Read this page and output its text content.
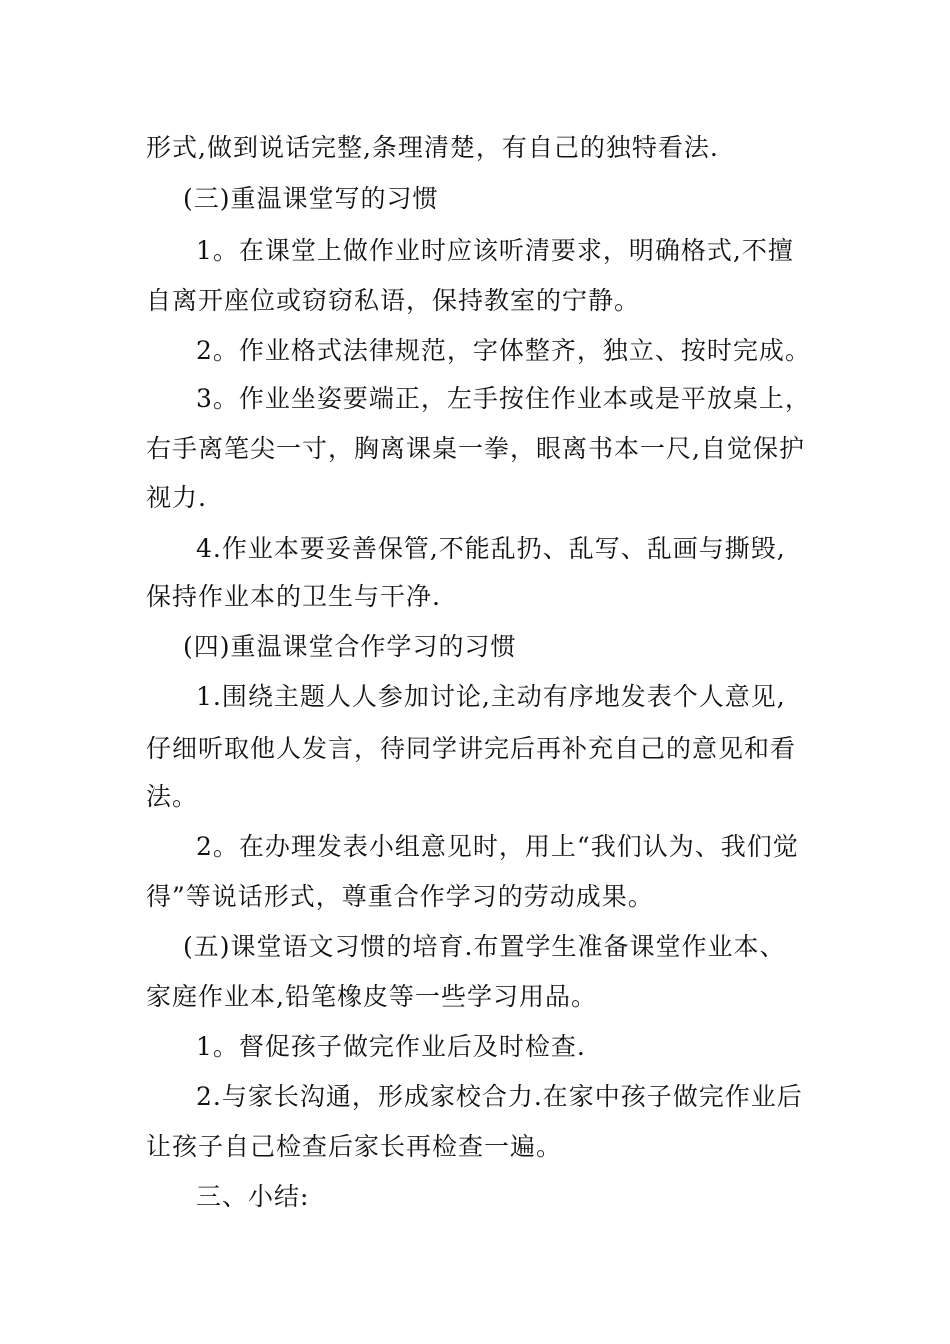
形式,做到说话完整,条理清楚，有自己的独特看法.
(三)重温课堂写的习惯
1。在课堂上做作业时应该听清要求，明确格式,不擅
自离开座位或窃窃私语，保持教室的宁静。
2。作业格式法律规范，字体整齐，独立、按时完成。
3。作业坐姿要端正，左手按住作业本或是平放桌上，
右手离笔尖一寸，胸离课桌一拳，眼离书本一尺,自觉保护
视力.
4.作业本要妥善保管,不能乱扔、乱写、乱画与撕毁,
保持作业本的卫生与干净.
(四)重温课堂合作学习的习惯
1.围绕主题人人参加讨论,主动有序地发表个人意见,
仔细听取他人发言，待同学讲完后再补充自己的意见和看
法。
2。在办理发表小组意见时，用上“我们认为、我们觉
得”等说话形式，尊重合作学习的劳动成果。
(五)课堂语文习惯的培育.布置学生准备课堂作业本、
家庭作业本,铅笔橡皮等一些学习用品。
1。督促孩子做完作业后及时检查.
2.与家长沟通，形成家校合力.在家中孩子做完作业后
让孩子自己检查后家长再检查一遍。
三、小结:
